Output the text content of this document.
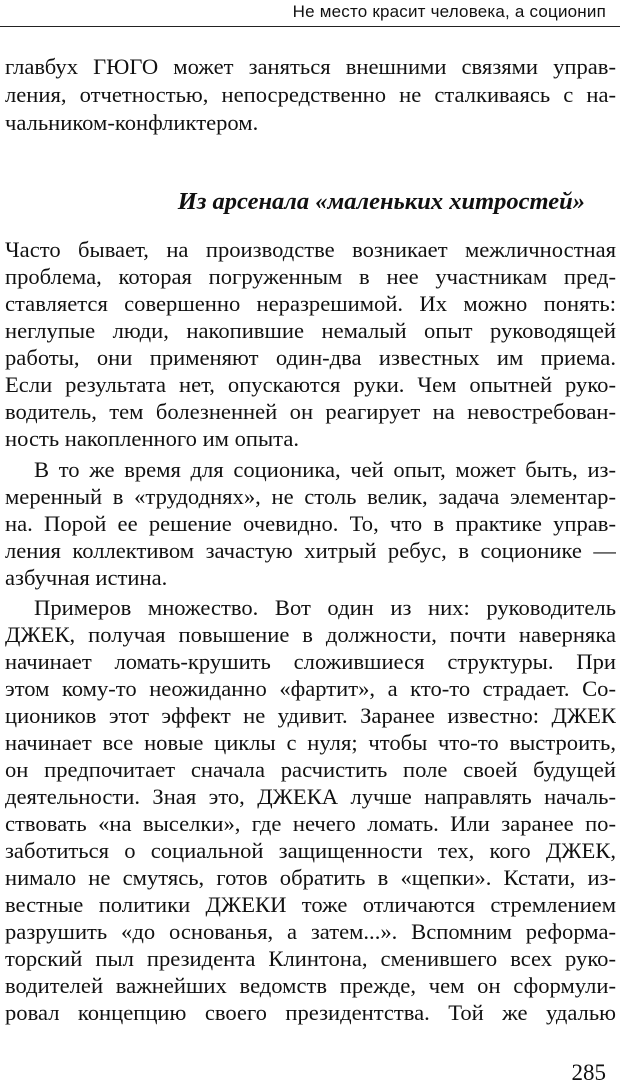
Не место красит человека, а соционип
главбух ГЮГО может заняться внешними связями управ-
ления, отчетностью, непосредственно не сталкиваясь с на-
чальником-конфликтером.
Из арсенала «маленьких хитростей»
Часто бывает, на производстве возникает межличностная
проблема, которая погруженным в нее участникам пред-
ставляется совершенно неразрешимой. Их можно понять:
неглупые люди, накопившие немалый опыт руководящей
работы, они применяют один-два известных им приема.
Если результата нет, опускаются руки. Чем опытней руко-
водитель, тем болезненней он реагирует на невостребован-
ность накопленного им опыта.
В то же время для соционика, чей опыт, может быть, из-
меренный в «трудоднях», не столь велик, задача элементар-
на. Порой ее решение очевидно. То, что в практике управ-
ления коллективом зачастую хитрый ребус, в соционике —
азбучная истина.
Примеров множество. Вот один из них: руководитель
ДЖЕК, получая повышение в должности, почти наверняка
начинает ломать-крушить сложившиеся структуры. При
этом кому-то неожиданно «фартит», а кто-то страдает. Со-
циоников этот эффект не удивит. Заранее известно: ДЖЕК
начинает все новые циклы с нуля; чтобы что-то выстроить,
он предпочитает сначала расчистить поле своей будущей
деятельности. Зная это, ДЖЕКА лучше направлять началь-
ствовать «на выселки», где нечего ломать. Или заранее по-
заботиться о социальной защищенности тех, кого ДЖЕК,
нимало не смутясь, готов обратить в «щепки». Кстати, из-
вестные политики ДЖЕКИ тоже отличаются стремлением
разрушить «до основанья, а затем...». Вспомним реформа-
торский пыл президента Клинтона, сменившего всех руко-
водителей важнейших ведомств прежде, чем он сформули-
ровал концепцию своего президентства. Той же удалью
285
